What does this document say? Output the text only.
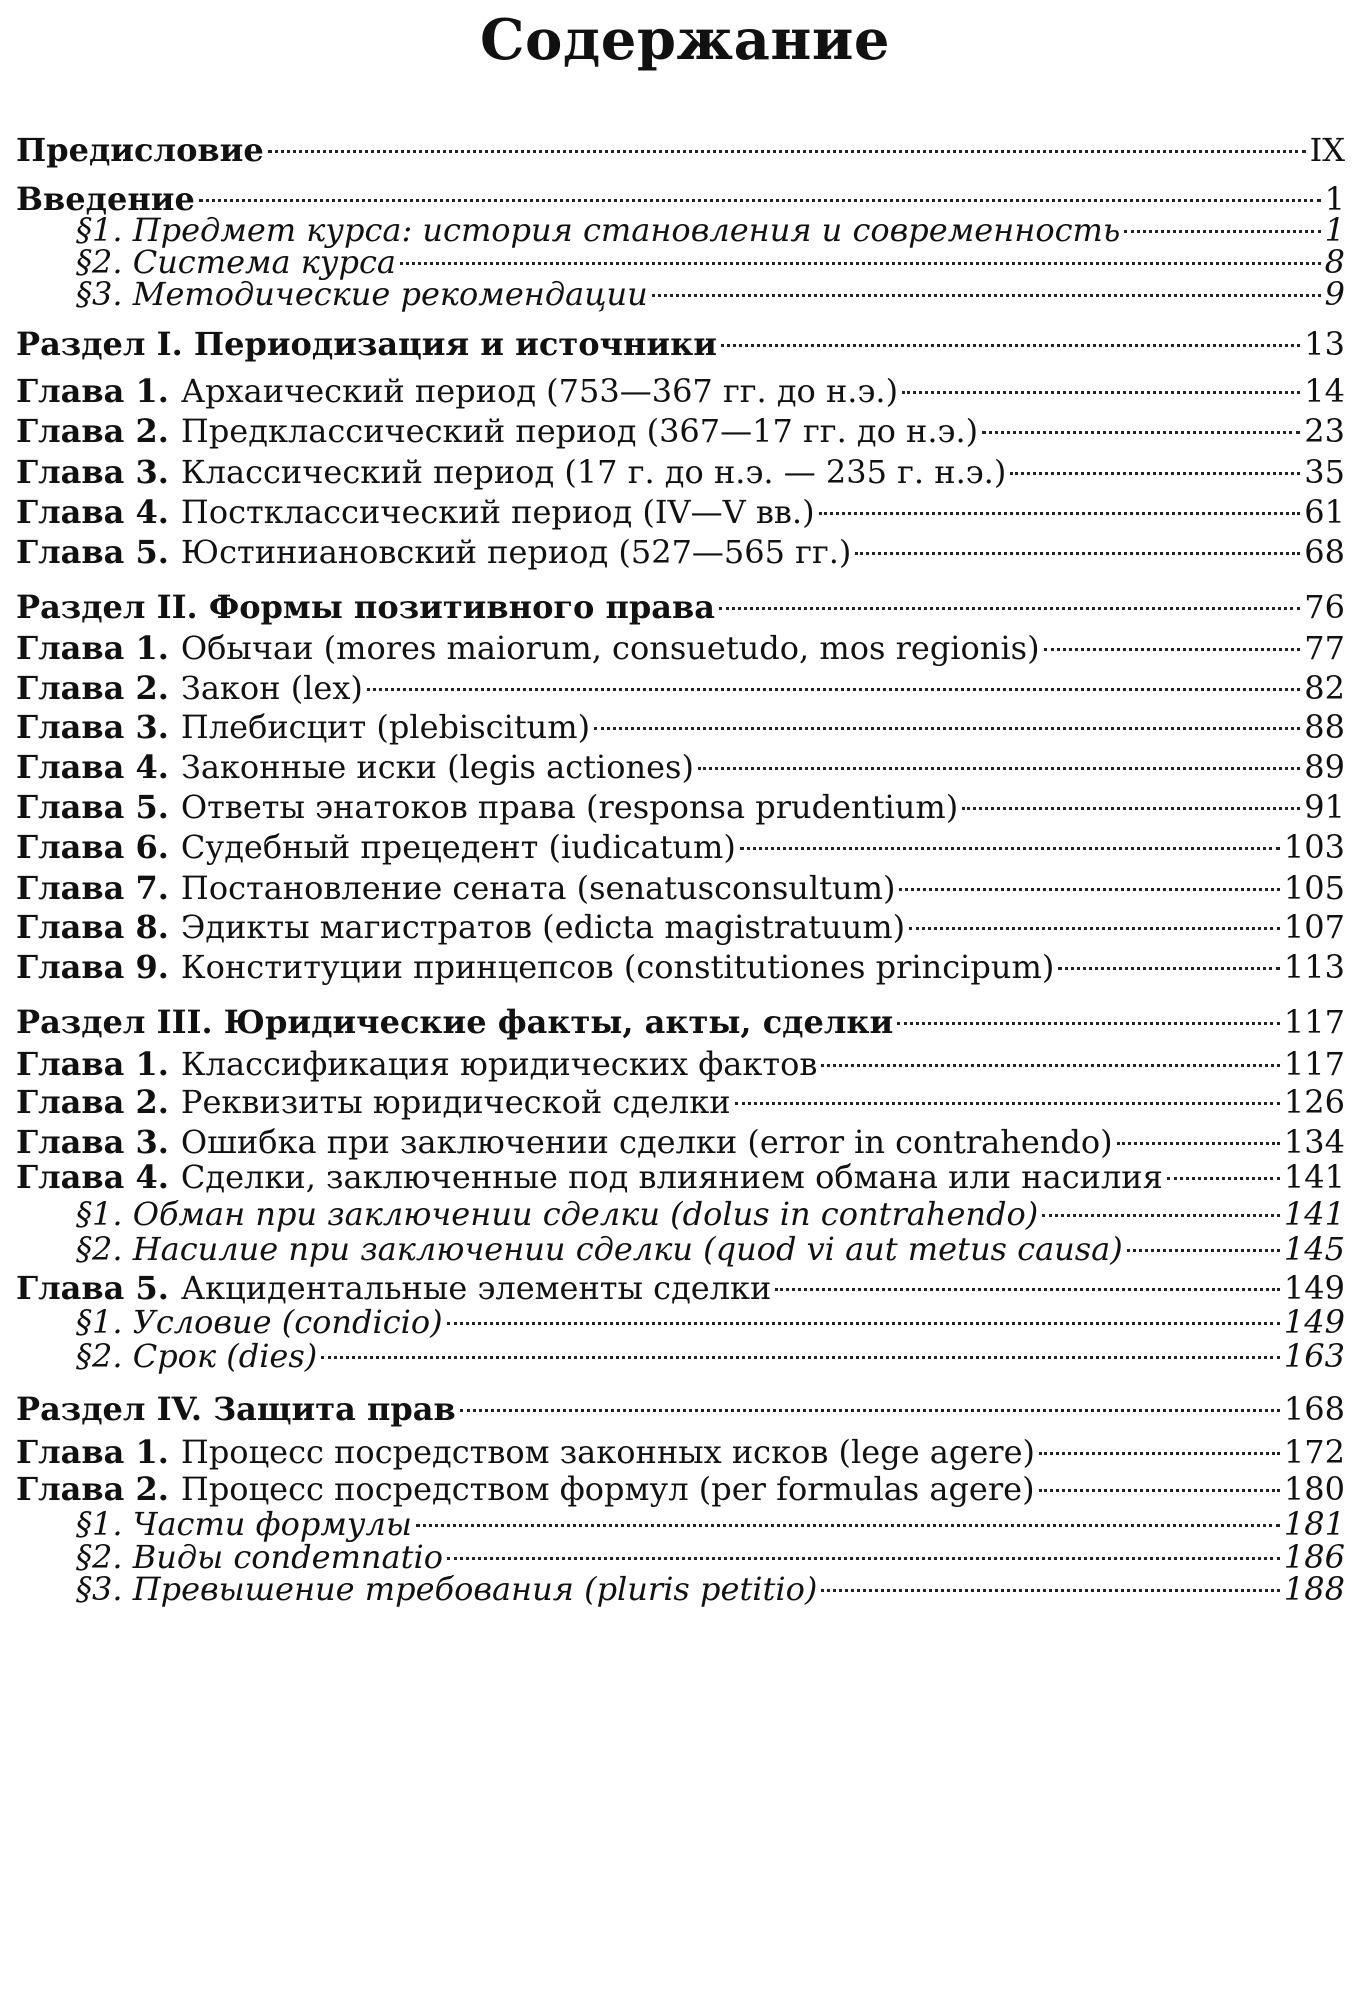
Содержание
Предисловие	IX
Введение	1
§1. Предмет курса: история становления и современность	1
§2. Система курса	8
§3. Методические рекомендации	9
Раздел I. Периодизация и источники	13
Глава 1. Архаический период (753—367 гг. до н.э.)	14
Глава 2. Предклассический период (367—17 гг. до н.э.)	23
Глава 3. Классический период (17 г. до н.э. — 235 г. н.э.)	35
Глава 4. Постклассический период (IV—V вв.)	61
Глава 5. Юстиниановский период (527—565 гг.)	68
Раздел II. Формы позитивного права	76
Глава 1. Обычаи (mores maiorum, consuetudo, mos regionis)	77
Глава 2. Закон (lex)	82
Глава 3. Плебисцит (plebiscitum)	88
Глава 4. Законные иски (legis actiones)	89
Глава 5. Ответы энатоков права (responsa prudentium)	91
Глава 6. Судебный прецедент (iudicatum)	103
Глава 7. Постановление сената (senatusconsultum)	105
Глава 8. Эдикты магистратов (edicta magistratuum)	107
Глава 9. Конституции принцепсов (constitutiones principum)	113
Раздел III. Юридические факты, акты, сделки	117
Глава 1. Классификация юридических фактов	117
Глава 2. Реквизиты юридической сделки	126
Глава 3. Ошибка при заключении сделки (error in contrahendo)	134
Глава 4. Сделки, заключенные под влиянием обмана или насилия	141
§1. Обман при заключении сделки (dolus in contrahendo)	141
§2. Насилие при заключении сделки (quod vi aut metus causa)	145
Глава 5. Акцидентальные элементы сделки	149
§1. Условие (condicio)	149
§2. Срок (dies)	163
Раздел IV. Защита прав	168
Глава 1. Процесс посредством законных исков (lege agere)	172
Глава 2. Процесс посредством формул (per formulas agere)	180
§1. Части формулы	181
§2. Виды condemnatio	186
§3. Превышение требования (pluris petitio)	188
